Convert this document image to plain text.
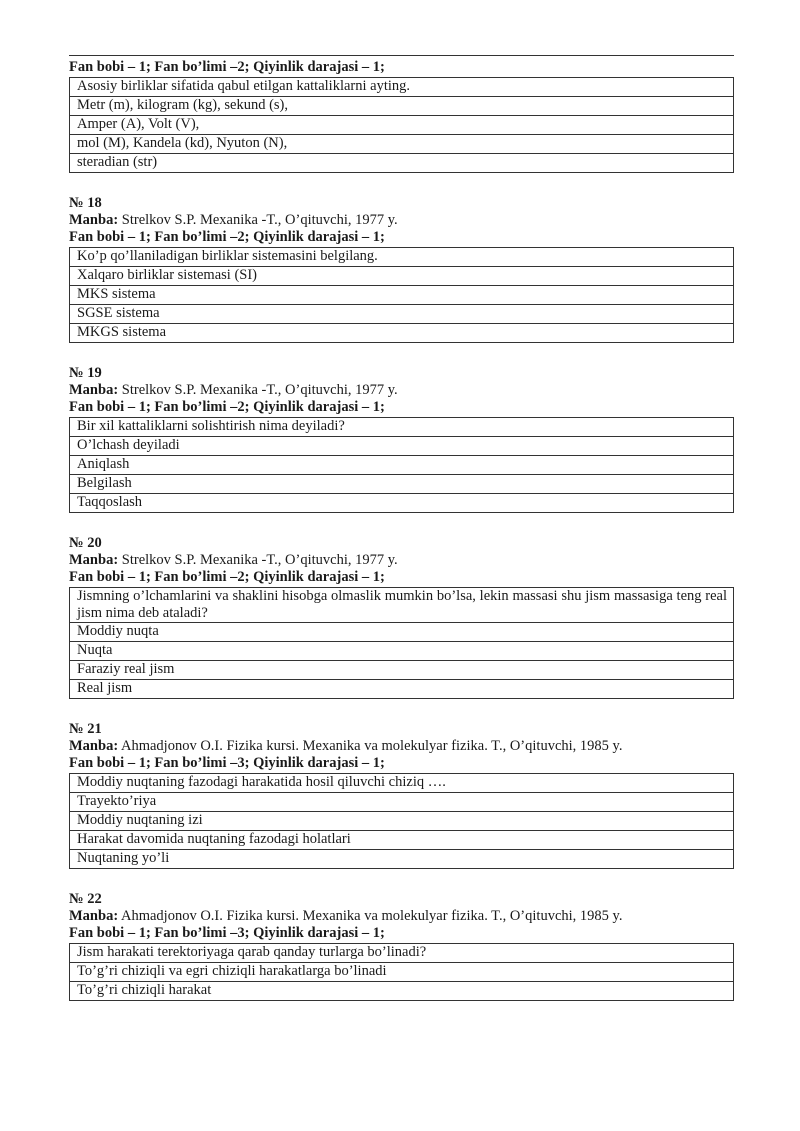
Fan bobi – 1; Fan bo’limi –2; Qiyinlik darajasi – 1;

Asosiy birliklar sifatida qabul etilgan kattaliklarni ayting.
Metr (m), kilogram (kg), sekund (s),
Amper (A), Volt (V),
mol (M), Kandela (kd), Nyuton (N),
steradian (str)

№ 18

Manba: Strelkov S.P. Mexanika -T., O’qituvchi, 1977 y.

Fan bobi – 1; Fan bo’limi –2; Qiyinlik darajasi – 1;

Ko’p qo’llaniladigan birliklar sistemasini belgilang.
Xalqaro birliklar sistemasi (SI)
MKS sistema
SGSE sistema
MKGS sistema

№ 19

Manba: Strelkov S.P. Mexanika -T., O’qituvchi, 1977 y.

Fan bobi – 1; Fan bo’limi –2; Qiyinlik darajasi – 1;

Bir xil kattaliklarni solishtirish nima deyiladi?
O’lchash deyiladi
Aniqlash
Belgilash
Taqqoslash

№ 20

Manba: Strelkov S.P. Mexanika -T., O’qituvchi, 1977 y.

Fan bobi – 1; Fan bo’limi –2; Qiyinlik darajasi – 1;

Jismning o’lchamlarini va shaklini hisobga olmaslik mumkin bo’lsa, lekin massasi shu jism massasiga teng real jism nima deb ataladi?
Moddiy nuqta
Nuqta
Faraziy real jism
Real jism

№ 21

Manba: Ahmadjonov O.I. Fizika kursi. Mexanika va molekulyar fizika. T., O’qituvchi, 1985 y.

Fan bobi – 1; Fan bo’limi –3; Qiyinlik darajasi – 1;

Moddiy nuqtaning fazodagi harakatida hosil qiluvchi chiziq ….
Trayekto’riya
Moddiy nuqtaning izi
Harakat davomida nuqtaning fazodagi holatlari
Nuqtaning yo’li

№ 22

Manba: Ahmadjonov O.I. Fizika kursi. Mexanika va molekulyar fizika. T., O’qituvchi, 1985 y.

Fan bobi – 1; Fan bo’limi –3; Qiyinlik darajasi – 1;

Jism harakati terektoriyaga qarab qanday turlarga bo’linadi?
To’g’ri chiziqli va egri chiziqli harakatlarga bo’linadi
To’g’ri chiziqli harakat
